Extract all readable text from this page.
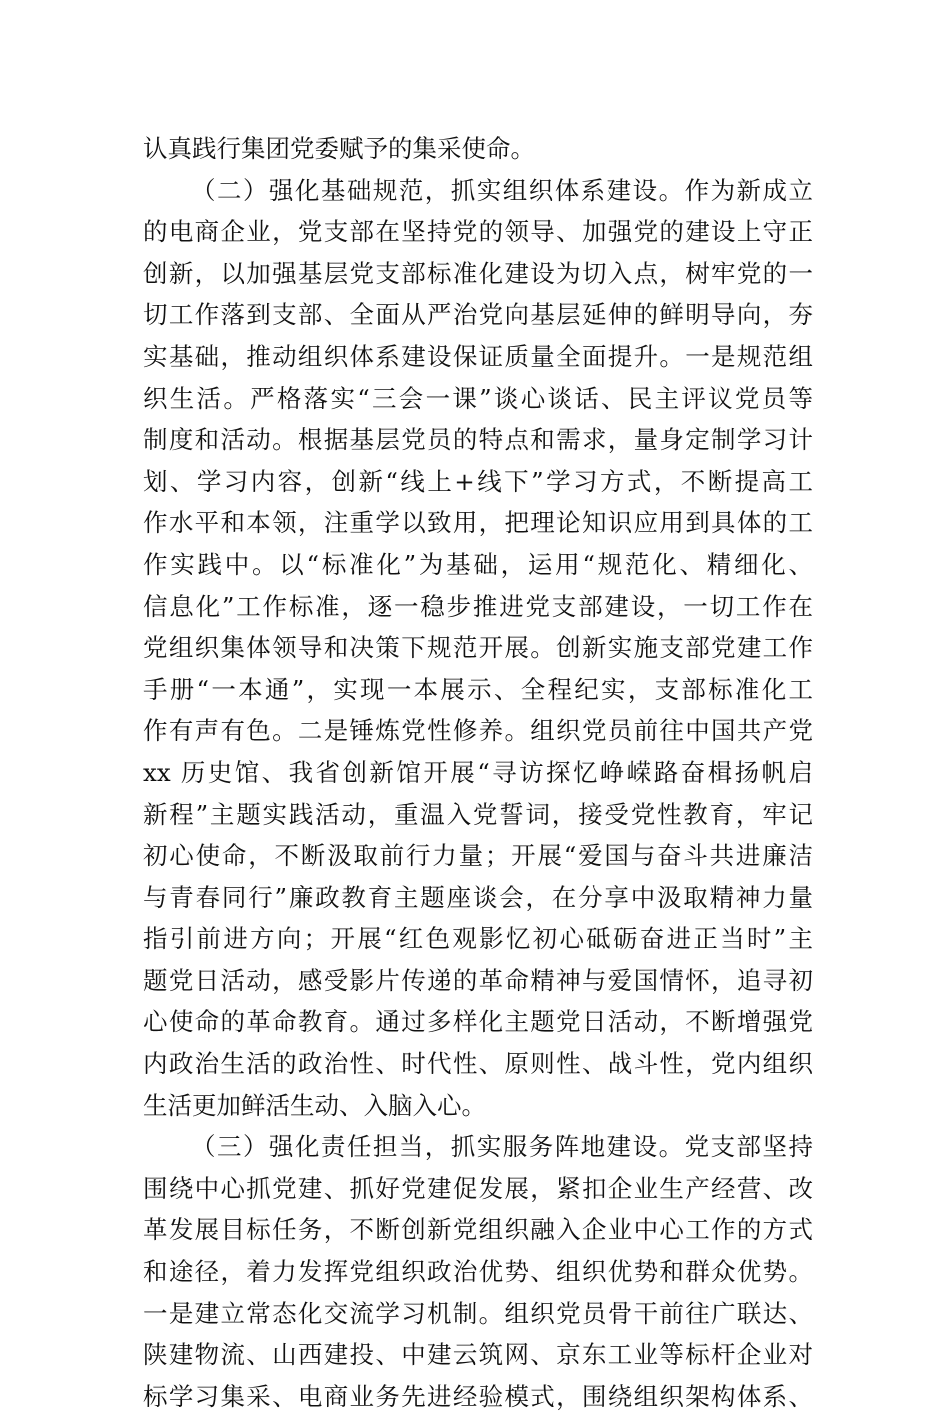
认真践行集团党委赋予的集采使命。
（二）强化基础规范，抓实组织体系建设。作为新成立
的电商企业，党支部在坚持党的领导、加强党的建设上守正
创新，以加强基层党支部标准化建设为切入点，树牢党的一
切工作落到支部、全面从严治党向基层延伸的鲜明导向，夯
实基础，推动组织体系建设保证质量全面提升。一是规范组
织生活。严格落实“三会一课”谈心谈话、民主评议党员等
制度和活动。根据基层党员的特点和需求，量身定制学习计
划、学习内容，创新“线上+线下”学习方式，不断提高工
作水平和本领，注重学以致用，把理论知识应用到具体的工
作实践中。以“标准化”为基础，运用“规范化、精细化、
信息化”工作标准，逐一稳步推进党支部建设，一切工作在
党组织集体领导和决策下规范开展。创新实施支部党建工作
手册“一本通”，实现一本展示、全程纪实，支部标准化工
作有声有色。二是锤炼党性修养。组织党员前往中国共产党
xx 历史馆、我省创新馆开展“寻访探忆峥嵘路奋楫扬帆启
新程”主题实践活动，重温入党誓词，接受党性教育，牢记
初心使命，不断汲取前行力量；开展“爱国与奋斗共进廉洁
与青春同行”廉政教育主题座谈会，在分享中汲取精神力量
指引前进方向；开展“红色观影忆初心砥砺奋进正当时”主
题党日活动，感受影片传递的革命精神与爱国情怀，追寻初
心使命的革命教育。通过多样化主题党日活动，不断增强党
内政治生活的政治性、时代性、原则性、战斗性，党内组织
生活更加鲜活生动、入脑入心。
（三）强化责任担当，抓实服务阵地建设。党支部坚持
围绕中心抓党建、抓好党建促发展，紧扣企业生产经营、改
革发展目标任务，不断创新党组织融入企业中心工作的方式
和途径，着力发挥党组织政治优势、组织优势和群众优势。
一是建立常态化交流学习机制。组织党员骨干前往广联达、
陕建物流、山西建投、中建云筑网、京东工业等标杆企业对
标学习集采、电商业务先进经验模式，围绕组织架构体系、
